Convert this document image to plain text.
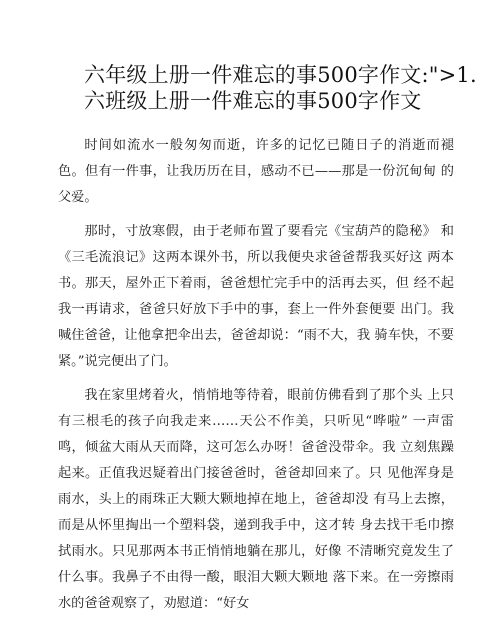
六年级上册一件难忘的事500字作文:">1.
六班级上册一件难忘的事500字作文

时间如流水一般匆匆而逝，许多的记忆已随日子的消逝而褪 色。但有一件事，让我历历在目，感动不已——那是一份沉甸甸 的父爱。

那时，寸放寒假，由于老师布置了要看完《宝葫芦的隐秘》 和《三毛流浪记》这两本课外书，所以我便央求爸爸帮我买好这 两本书。那天，屋外正下着雨，爸爸想忙完手中的活再去买，但 经不起我一再请求，爸爸只好放下手中的事，套上一件外套便要 出门。我喊住爸爸，让他拿把伞出去，爸爸却说：“雨不大，我 骑车快，不要紧。”说完便出了门。

我在家里烤着火，悄悄地等待着，眼前仿佛看到了那个头 上只有三根毛的孩子向我走来……天公不作美，只听见“哗啦” 一声雷鸣，倾盆大雨从天而降，这可怎么办呀！爸爸没带伞。我 立刻焦躁起来。正值我迟疑着出门接爸爸时，爸爸却回来了。只 见他浑身是雨水，头上的雨珠正大颗大颗地掉在地上，爸爸却没 有马上去擦，而是从怀里掏出一个塑料袋，递到我手中，这才转 身去找干毛巾擦拭雨水。只见那两本书正悄悄地躺在那儿，好像 不清晰究竟发生了什么事。我鼻子不由得一酸，眼泪大颗大颗地 落下来。在一旁擦雨水的爸爸观察了，劝慰道：“好女
